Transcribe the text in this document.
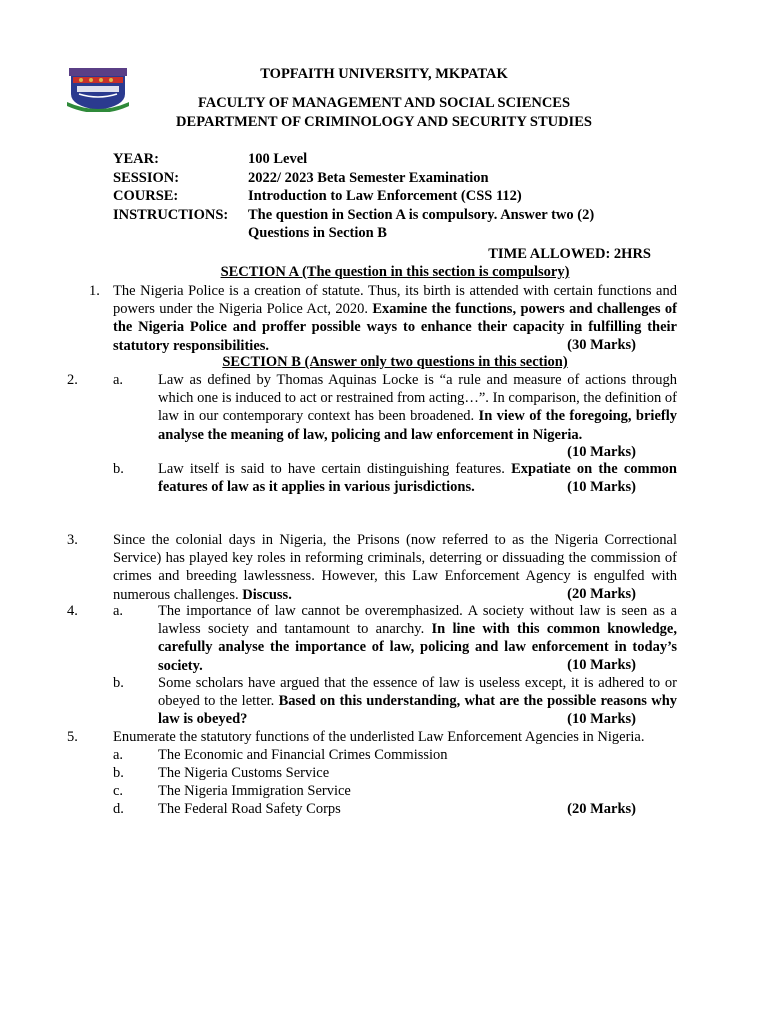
TOPFAITH UNIVERSITY, MKPATAK
FACULTY OF MANAGEMENT AND SOCIAL SCIENCES
DEPARTMENT OF CRIMINOLOGY AND SECURITY STUDIES
YEAR:	100 Level
SESSION:	2022/ 2023 Beta Semester Examination
COURSE:	Introduction to Law Enforcement (CSS 112)
INSTRUCTIONS:	The question in Section A is compulsory. Answer two (2)
Questions in Section B
TIME ALLOWED: 2HRS
SECTION A (The question in this section is compulsory)
1. The Nigeria Police is a creation of statute. Thus, its birth is attended with certain functions and powers under the Nigeria Police Act, 2020. Examine the functions, powers and challenges of the Nigeria Police and proffer possible ways to enhance their capacity in fulfilling their statutory responsibilities.	(30 Marks)
SECTION B (Answer only two questions in this section)
2. a. Law as defined by Thomas Aquinas Locke is “a rule and measure of actions through which one is induced to act or restrained from acting…”. In comparison, the definition of law in our contemporary context has been broadened. In view of the foregoing, briefly analyse the meaning of law, policing and law enforcement in Nigeria.
(10 Marks)
b. Law itself is said to have certain distinguishing features. Expatiate on the common features of law as it applies in various jurisdictions.	(10 Marks)
3. Since the colonial days in Nigeria, the Prisons (now referred to as the Nigeria Correctional Service) has played key roles in reforming criminals, deterring or dissuading the commission of crimes and breeding lawlessness. However, this Law Enforcement Agency is engulfed with numerous challenges. Discuss.	(20 Marks)
4. a. The importance of law cannot be overemphasized. A society without law is seen as a lawless society and tantamount to anarchy. In line with this common knowledge, carefully analyse the importance of law, policing and law enforcement in today’s society.	(10 Marks)
b. Some scholars have argued that the essence of law is useless except, it is adhered to or obeyed to the letter. Based on this understanding, what are the possible reasons why law is obeyed?	(10 Marks)
5. Enumerate the statutory functions of the underlisted Law Enforcement Agencies in Nigeria.
a. The Economic and Financial Crimes Commission
b. The Nigeria Customs Service
c. The Nigeria Immigration Service
d. The Federal Road Safety Corps	(20 Marks)
